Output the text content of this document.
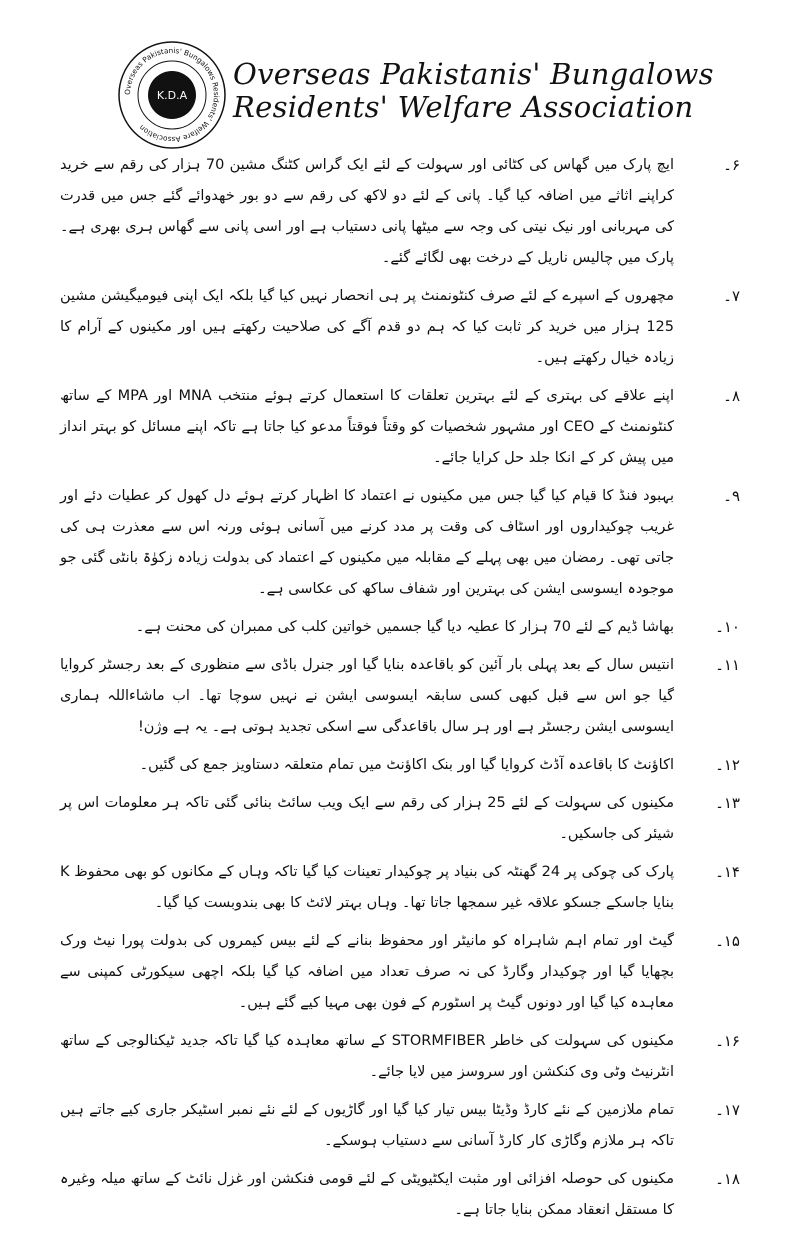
Overseas Pakistanis' Bungalows Residents' Welfare Association
K.D.A
Overseas Pakistanis' Bungalows
Residents' Welfare Association
۶۔
ایچ پارک میں گھاس کی کٹائی اور سہولت کے لئے ایک گراس کٹنگ مشین 70 ہزار کی رقم سے خرید کراپنے اثاثے میں اضافہ کیا گیا۔ پانی کے لئے دو لاکھ کی رقم سے دو بور خھدوائے گئے جس میں قدرت کی مہربانی اور نیک نیتی کی وجہ سے میٹھا پانی دستیاب ہے اور اسی پانی سے گھاس ہری بھری ہے۔ پارک میں چالیس ناریل کے درخت بھی لگائے گئے۔
۷۔
مچھروں کے اسپرے کے لئے صرف کنٹونمنٹ پر ہی انحصار نہیں کیا گیا بلکہ ایک اپنی فیومیگیشن مشین 125 ہزار میں خرید کر ثابت کیا کہ ہم دو قدم آگے کی صلاحیت رکھتے ہیں اور مکینوں کے آرام کا زیادہ خیال رکھتے ہیں۔
۸۔
اپنے علاقے کی بہتری کے لئے بہترین تعلقات کا استعمال کرتے ہوئے منتخب MNA اور MPA کے ساتھ کنٹونمنٹ کے CEO اور مشہور شخصیات کو وقتاً فوقتاً مدعو کیا جاتا ہے تاکہ اپنے مسائل کو بہتر انداز میں پیش کر کے انکا جلد حل کرایا جائے۔
۹۔
بہبود فنڈ کا قیام کیا گیا جس میں مکینوں نے اعتماد کا اظہار کرتے ہوئے دل کھول کر عطیات دئے اور غریب چوکیداروں اور اسٹاف کی وقت پر مدد کرنے میں آسانی ہوئی ورنہ اس سے معذرت ہی کی جاتی تھی۔ رمضان میں بھی پہلے کے مقابلہ میں مکینوں کے اعتماد کی بدولت زیادہ زکوٰۃ بانٹی گئی جو موجودہ ایسوسی ایشن کی بہترین اور شفاف ساکھ کی عکاسی ہے۔
۱۰۔
بھاشا ڈیم کے لئے 70 ہزار کا عطیہ دیا گیا جسمیں خواتین کلب کی ممبران کی محنت ہے۔
۱۱۔
انتیس سال کے بعد پہلی بار آئین کو باقاعدہ بنایا گیا اور جنرل باڈی سے منظوری کے بعد رجسٹر کروایا گیا جو اس سے قبل کبھی کسی سابقہ ایسوسی ایشن نے نہیں سوچا تھا۔ اب ماشاءاللہ ہماری ایسوسی ایشن رجسٹر ہے اور ہر سال باقاعدگی سے اسکی تجدید ہوتی ہے۔ یہ ہے وژن!
۱۲۔
اکاؤنٹ کا باقاعدہ آڈٹ کروایا گیا اور بنک اکاؤنٹ میں تمام متعلقہ دستاویز جمع کی گئیں۔
۱۳۔
مکینوں کی سہولت کے لئے 25 ہزار کی رقم سے ایک ویب سائٹ بنائی گئی تاکہ ہر معلومات اس پر شیئر کی جاسکیں۔
۱۴۔
K پارک کی چوکی پر 24 گھنٹہ کی بنیاد پر چوکیدار تعینات کیا گیا تاکہ وہاں کے مکانوں کو بھی محفوظ بنایا جاسکے جسکو علاقہ غیر سمجھا جاتا تھا۔ وہاں بہتر لائٹ کا بھی بندوبست کیا گیا۔
۱۵۔
گیٹ اور تمام اہم شاہراہ کو مانیٹر اور محفوظ بنانے کے لئے بیس کیمروں کی بدولت پورا نیٹ ورک بچھایا گیا اور چوکیدار وگارڈ کی نہ صرف تعداد میں اضافہ کیا گیا بلکہ اچھی سیکورٹی کمپنی سے معاہدہ کیا گیا اور دونوں گیٹ پر اسٹورم کے فون بھی مہیا کیے گئے ہیں۔
۱۶۔
مکینوں کی سہولت کی خاطر STORMFIBER کے ساتھ معاہدہ کیا گیا تاکہ جدید ٹیکنالوجی کے ساتھ انٹرنیٹ وٹی وی کنکشن اور سروسز میں لایا جائے۔
۱۷۔
تمام ملازمین کے نئے کارڈ وڈیٹا بیس تیار کیا گیا اور گاڑیوں کے لئے نئے نمبر اسٹیکر جاری کیے جاتے ہیں تاکہ ہر ملازم وگاڑی کار کارڈ آسانی سے دستیاب ہوسکے۔
۱۸۔
مکینوں کی حوصلہ افزائی اور مثبت ایکٹیویٹی کے لئے قومی فنکشن اور غزل نائٹ کے ساتھ میلہ وغیرہ کا مستقل انعقاد ممکن بنایا جاتا ہے۔
